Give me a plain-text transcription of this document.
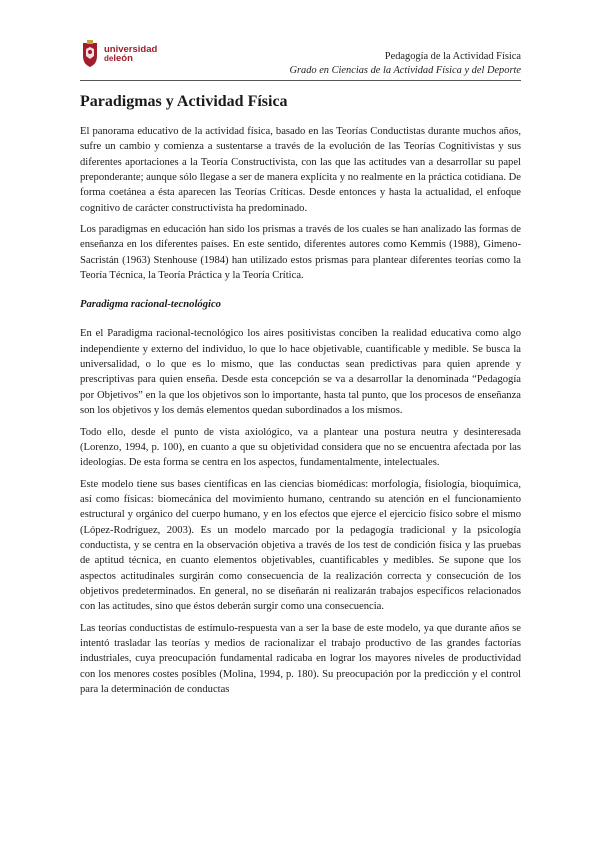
universidad
deleón	Pedagogía de la Actividad Física
Grado en Ciencias de la Actividad Física y del Deporte
Paradigmas y Actividad Física

El panorama educativo de la actividad física, basado en las Teorías Conductistas durante muchos años, sufre un cambio y comienza a sustentarse a través de la evolución de las Teorías Cognitivistas y sus diferentes aportaciones a la Teoría Constructivista, con las que las actitudes van a desarrollar su papel preponderante; aunque sólo llegase a ser de manera explícita y no realmente en la práctica cotidiana. De forma coetánea a ésta aparecen las Teorías Críticas. Desde entonces y hasta la actualidad, el enfoque cognitivo de carácter constructivista ha predominado.

Los paradigmas en educación han sido los prismas a través de los cuales se han analizado las formas de enseñanza en los diferentes países. En este sentido, diferentes autores como Kemmis (1988), Gimeno-Sacristán (1963) Stenhouse (1984) han utilizado estos prismas para plantear diferentes teorías como la Teoría Técnica, la Teoría Práctica y la Teoría Crítica.

Paradigma racional-tecnológico

En el Paradigma racional-tecnológico los aires positivistas conciben la realidad educativa como algo independiente y externo del individuo, lo que lo hace objetivable, cuantificable y medible. Se busca la universalidad, o lo que es lo mismo, que las conductas sean predictivas para quien aprende y prescriptivas para quien enseña. Desde esta concepción se va a desarrollar la denominada “Pedagogía por Objetivos” en la que los objetivos son lo importante, hasta tal punto, que los procesos de enseñanza son los objetivos y los demás elementos quedan subordinados a los mismos.

Todo ello, desde el punto de vista axiológico, va a plantear una postura neutra y desinteresada (Lorenzo, 1994, p. 100), en cuanto a que su objetividad considera que no se encuentra afectada por las ideologías. De esta forma se centra en los aspectos, fundamentalmente, intelectuales.

Este modelo tiene sus bases científicas en las ciencias biomédicas: morfología, fisiología, bioquímica, así como físicas: biomecánica del movimiento humano, centrando su atención en el funcionamiento estructural y orgánico del cuerpo humano, y en los efectos que ejerce el ejercicio físico sobre el mismo (López-Rodríguez, 2003). Es un modelo marcado por la pedagogía tradicional y la psicología conductista, y se centra en la observación objetiva a través de los test de condición física y las pruebas de aptitud técnica, en cuanto elementos objetivables, cuantificables y medibles. Se supone que los aspectos actitudinales surgirán como consecuencia de la realización correcta y consecución de los objetivos predeterminados. En general, no se diseñarán ni realizarán trabajos específicos relacionados con las actitudes, sino que éstos deberán surgir como una consecuencia.

Las teorías conductistas de estímulo-respuesta van a ser la base de este modelo, ya que durante años se intentó trasladar las teorías y medios de racionalizar el trabajo productivo de las grandes factorías industriales, cuya preocupación fundamental radicaba en lograr los mayores niveles de productividad con los menores costes posibles (Molina, 1994, p. 180). Su preocupación por la predicción y el control para la determinación de conductas
